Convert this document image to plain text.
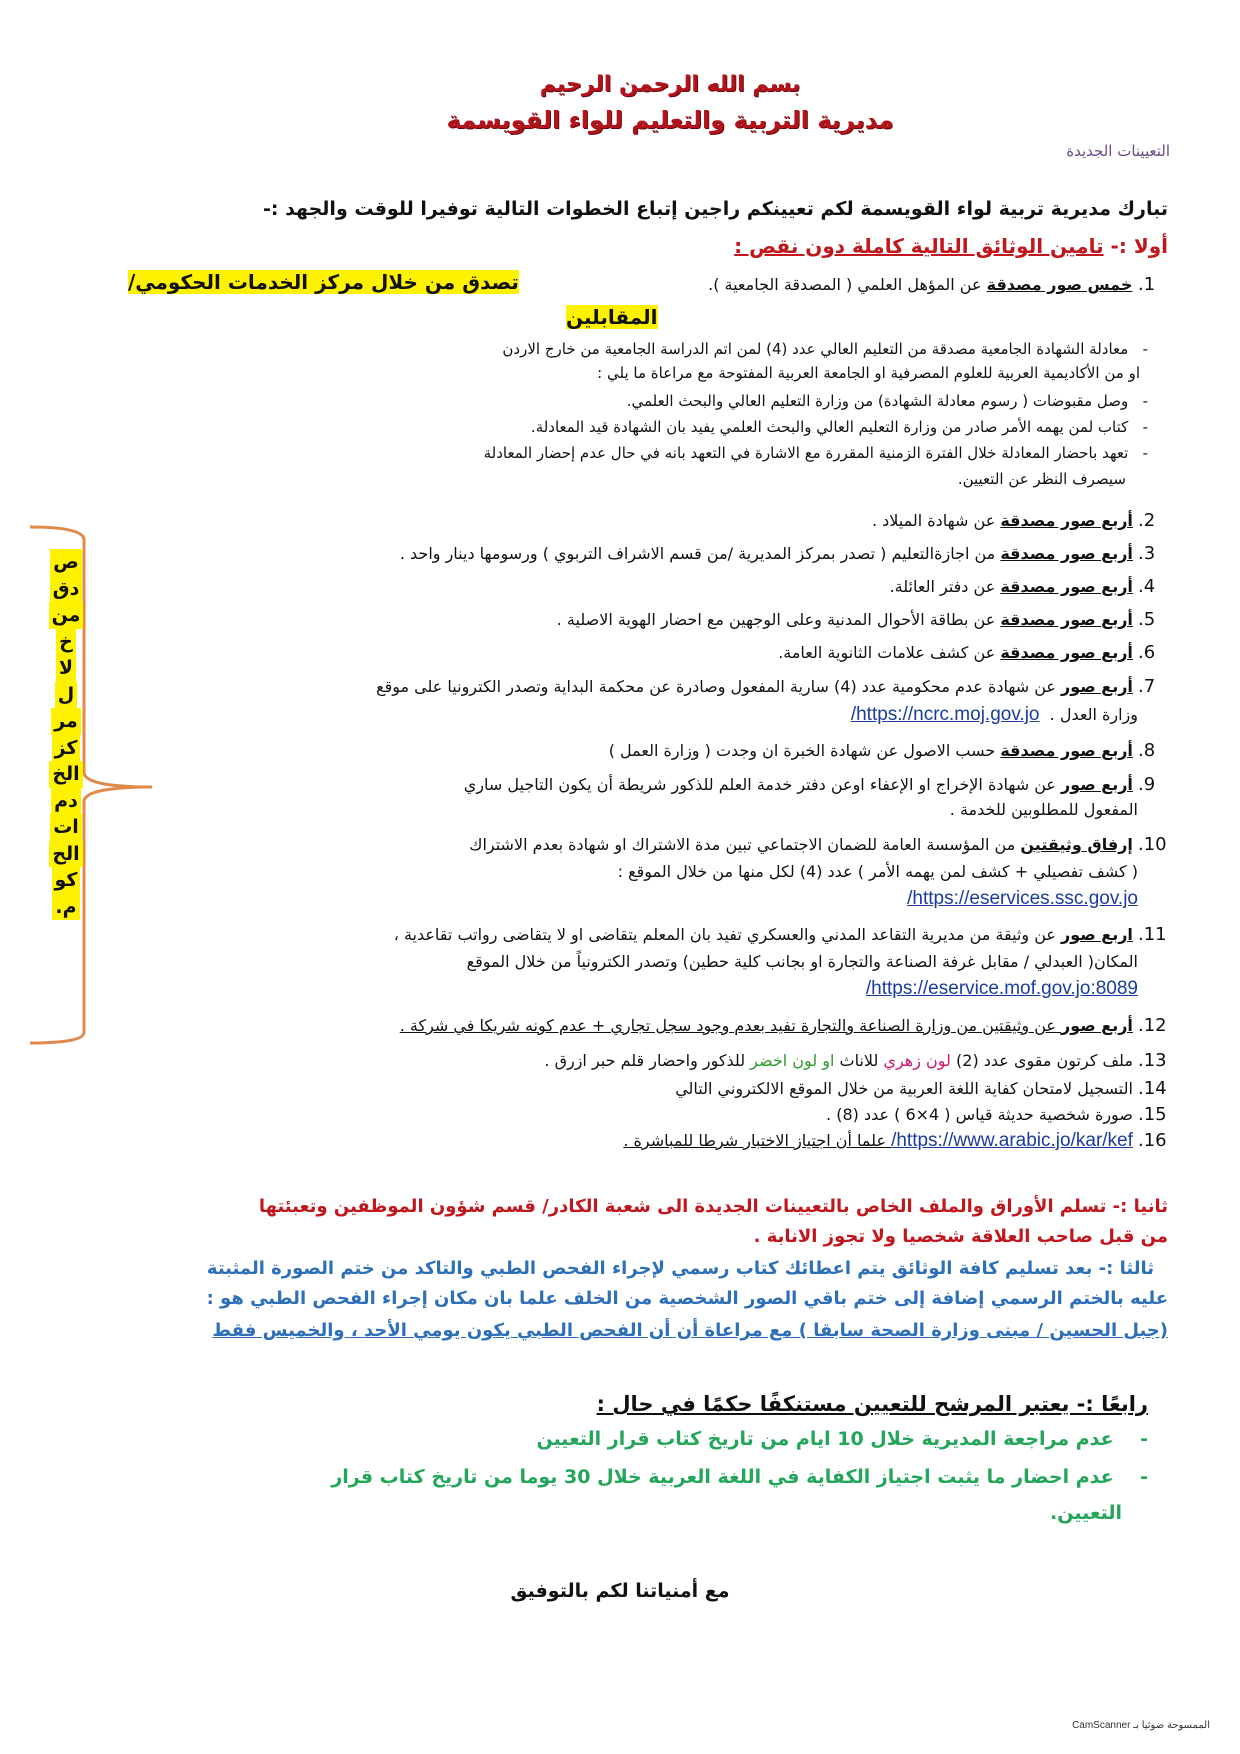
بسم الله الرحمن الرحيم
مديرية التربية والتعليم للواء القويسمة
التعيينات الجديدة
تبارك مديرية تربية لواء القويسمة لكم تعيينكم راجين إتباع الخطوات التالية توفيرا للوقت والجهد :-
أولا :- تامين الوثائق التالية كاملة دون نقص :
1. خمس صور مصدقة عن المؤهل العلمي ( المصدقة الجامعية ).
تصدق من خلال مركز الخدمات الحكومي/
المقابلين
-   معادلة الشهادة الجامعية مصدقة من التعليم العالي عدد (4) لمن اتم الدراسة الجامعية من خارج الاردن
او من الأكاديمية العربية للعلوم المصرفية او الجامعة العربية المفتوحة مع مراعاة ما يلي :
-   وصل مقبوضات ( رسوم معادلة الشهادة) من وزارة التعليم العالي والبحث العلمي.
-   كتاب لمن يهمه الأمر صادر من وزارة التعليم العالي والبحث العلمي يفيد بان الشهادة قيد المعادلة.
-   تعهد باحضار المعادلة خلال الفترة الزمنية المقررة مع الاشارة في التعهد بانه في حال عدم إحضار المعادلة
سيصرف النظر عن التعيين.
2. أربع صور مصدقة عن شهادة الميلاد .
3. أربع صور مصدقة من اجازةالتعليم ( تصدر بمركز المديرية /من قسم الاشراف التربوي ) ورسومها دينار واحد .
4. أربع صور مصدقة عن دفتر العائلة.
5. أربع صور مصدقة عن بطاقة الأحوال المدنية وعلى الوجهين مع احضار الهوية الاصلية .
6. أربع صور مصدقة عن كشف علامات الثانوية العامة.
7. أربع صور عن شهادة عدم محكومية عدد (4) سارية المفعول وصادرة عن محكمة البداية وتصدر الكترونيا على موقع
وزارة العدل .  /https://ncrc.moj.gov.jo
8. أربع صور مصدقة حسب الاصول عن شهادة الخبرة ان وجدت ( وزارة العمل )
9. أربع صور عن شهادة الإخراج او الإعفاء اوعن دفتر خدمة العلم للذكور شريطة أن يكون التاجيل ساري
المفعول للمطلوبين للخدمة .
10. إرفاق وثيقتين من المؤسسة العامة للضمان الاجتماعي تبين مدة الاشتراك او شهادة بعدم الاشتراك
( كشف تفصيلي + كشف لمن يهمه الأمر ) عدد (4) لكل منها من خلال الموقع :
/https://eservices.ssc.gov.jo
11. اربع صور عن وثيقة من مديرية التقاعد المدني والعسكري تفيد بان المعلم يتقاضى او لا يتقاضى رواتب تقاعدية ،
المكان( العبدلي / مقابل غرفة الصناعة والتجارة او بجانب كلية حطين) وتصدر الكترونياً من خلال الموقع
/https://eservice.mof.gov.jo:8089
12. أربع صور عن وثيقتين من وزارة الصناعة والتجارة تفيد بعدم وجود سجل تجاري + عدم كونه شريكا في شركة .
13. ملف كرتون مقوى عدد (2) لون زهري للاناث او لون اخضر للذكور واحضار قلم حبر ازرق .
14. التسجيل لامتحان كفاية اللغة العربية من خلال الموقع الالكتروني التالي
15. صورة شخصية حديثة قياس ( 4×6 ) عدد (8) .
16. /https://www.arabic.jo/kar/kef علما أن اجتياز الاختبار شرطا للمباشرة .
ص
دق
من
خ
لا
ل
مر
كز
الخ
دم
ات
الح
كو
م.
ثانيا :- تسلم الأوراق والملف الخاص بالتعيينات الجديدة الى شعبة الكادر/ قسم شؤون الموظفين وتعبئتها
من قبل صاحب العلاقة شخصيا ولا تجوز الانابة .
ثالثا :- بعد تسليم كافة الوثائق يتم اعطائك كتاب رسمي لإجراء الفحص الطبي والتاكد من ختم الصورة المثبتة
عليه بالختم الرسمي إضافة إلى ختم باقي الصور الشخصية من الخلف علما بان مكان إجراء الفحص الطبي هو :
(جبل الحسين / مبنى وزارة الصحة سابقا ) مع مراعاة أن أن الفحص الطبي يكون يومي الأحد ، والخميس فقط
رابعًا :- يعتبر المرشح للتعيين مستنكفًا حكمًا في حال :
-    عدم مراجعة المديرية خلال 10 ايام من تاريخ كتاب قرار التعيين
-    عدم احضار ما يثبت اجتياز الكفاية في اللغة العربية خلال 30 يوما من تاريخ كتاب قرار
التعيين.
مع أمنياتنا لكم بالتوفيق
الممسوحة ضوئيا بـ CamScanner
